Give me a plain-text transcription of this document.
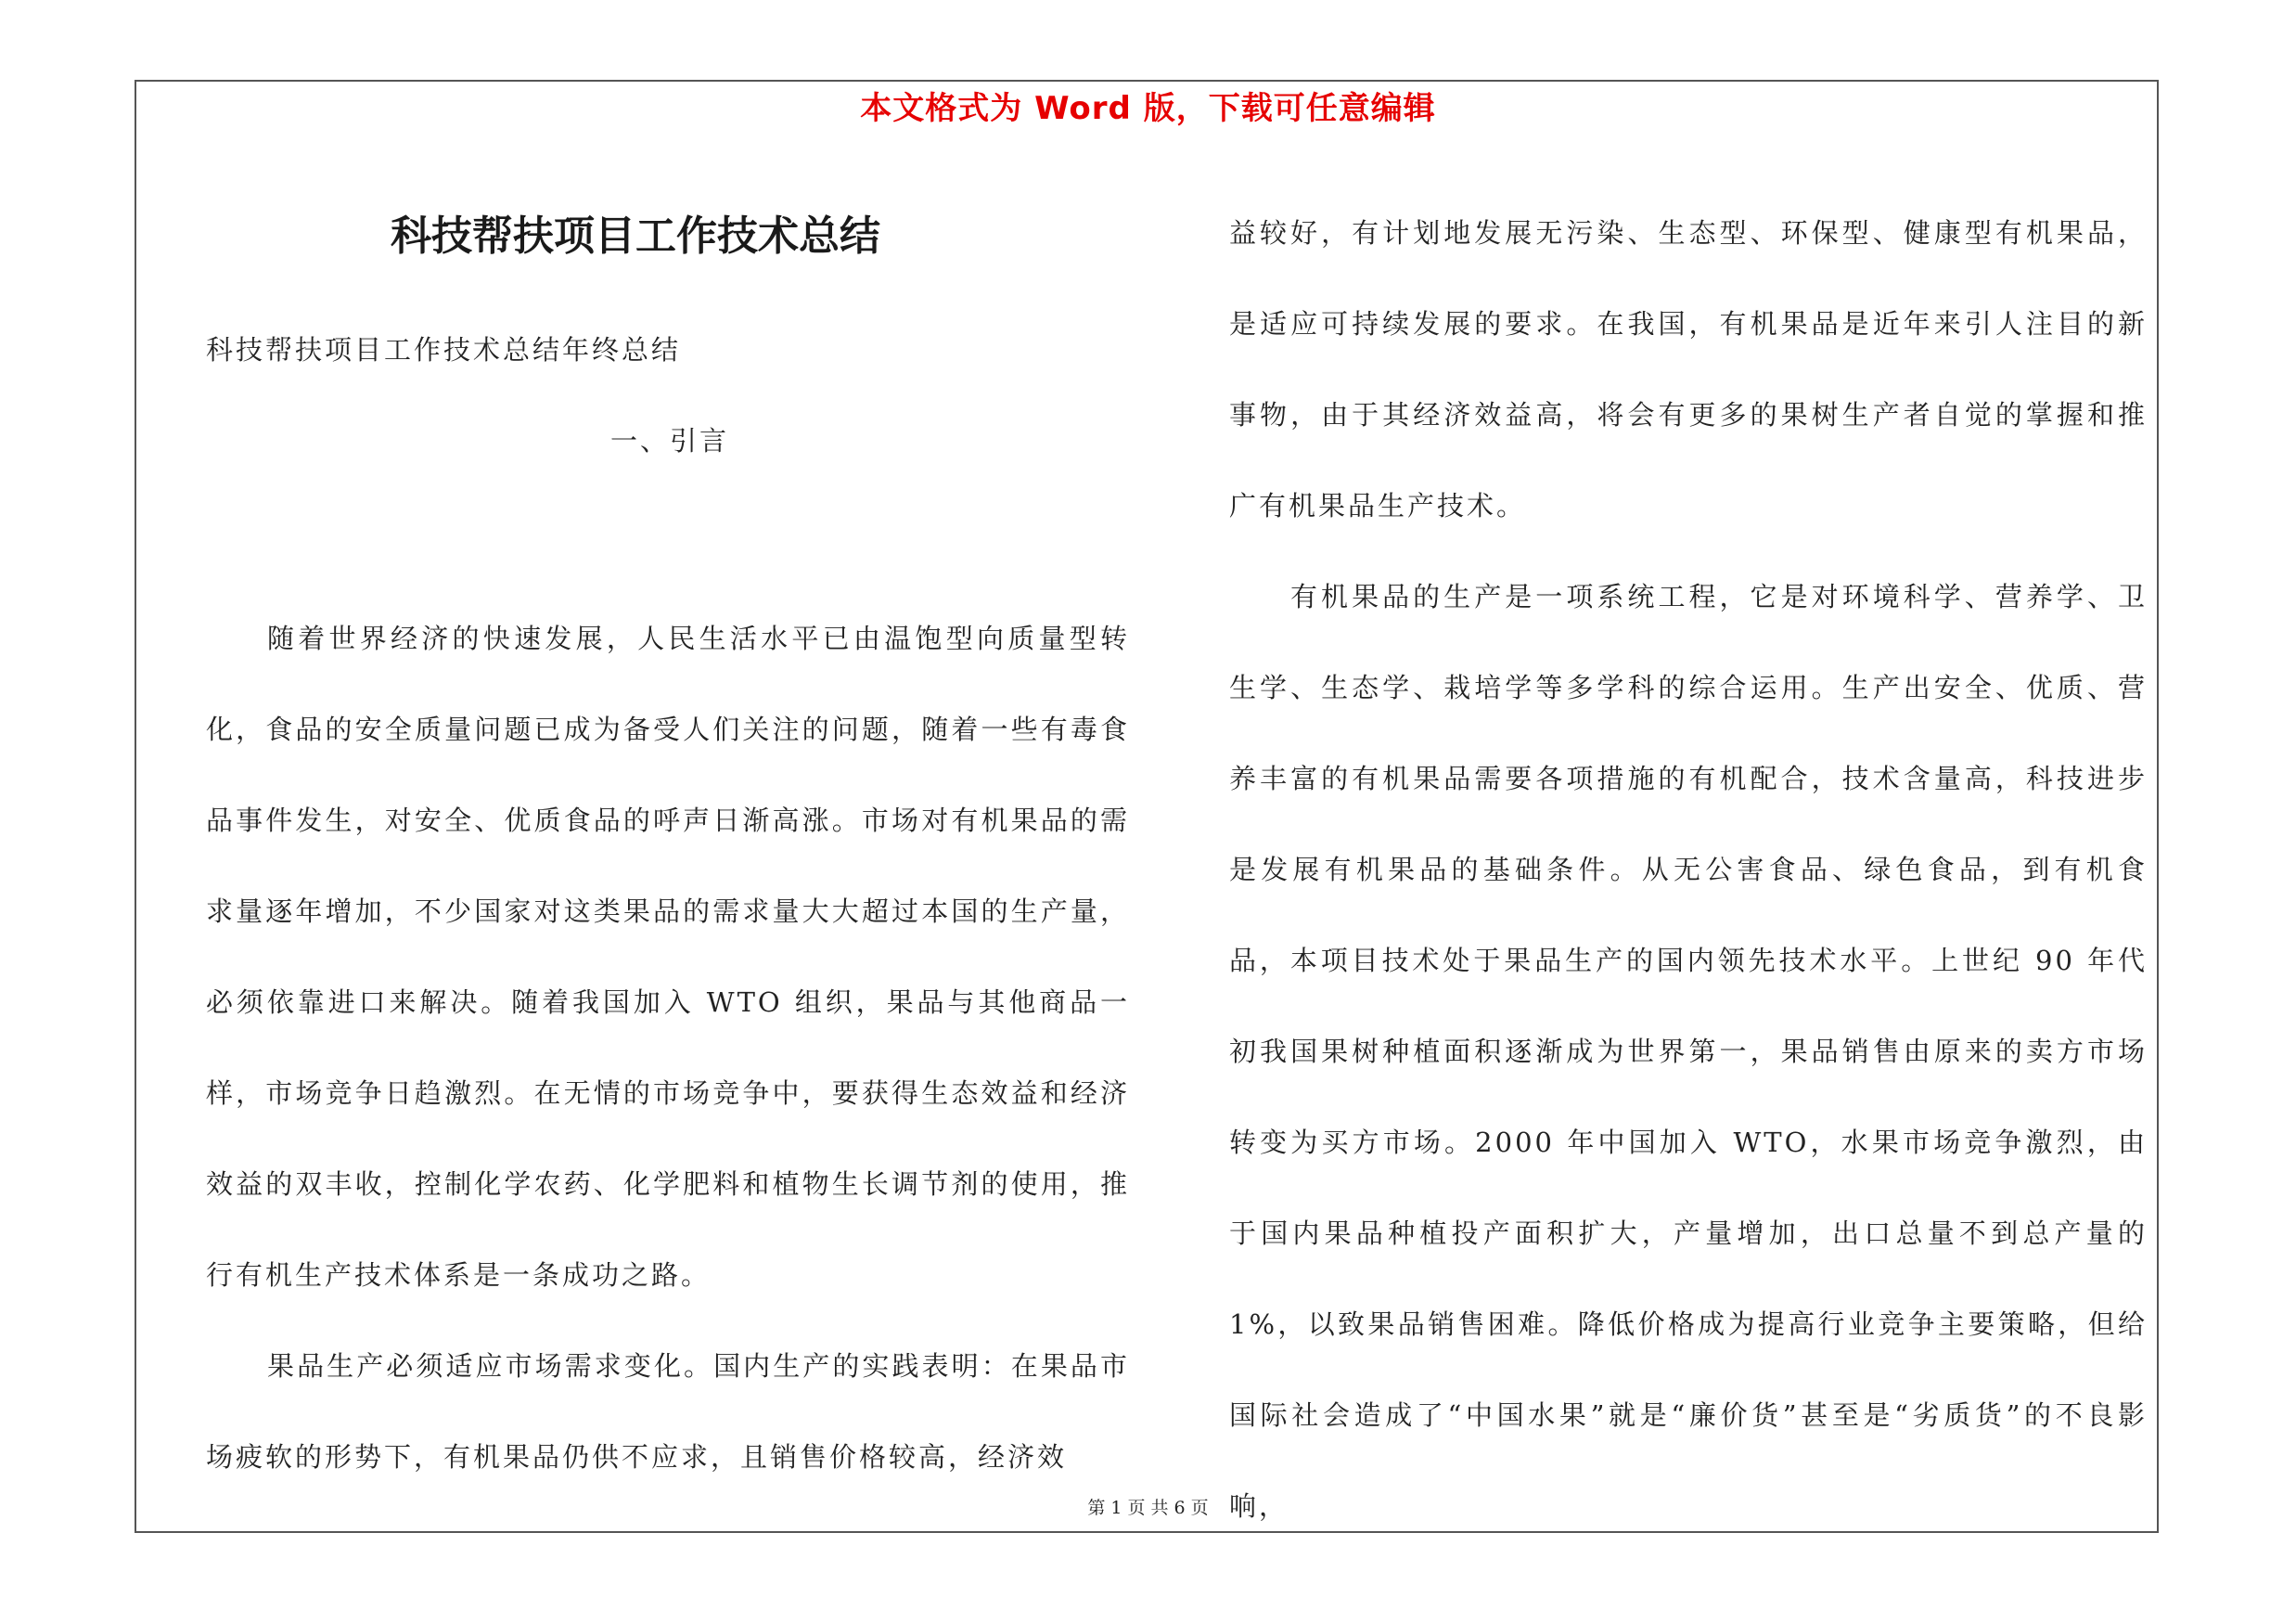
本文格式为 Word 版，下载可任意编辑
科技帮扶项目工作技术总结
科技帮扶项目工作技术总结年终总结
一、引言

随着世界经济的快速发展，人民生活水平已由温饱型向质量型转化，食品的安全质量问题已成为备受人们关注的问题，随着一些有毒食品事件发生，对安全、优质食品的呼声日渐高涨。市场对有机果品的需求量逐年增加，不少国家对这类果品的需求量大大超过本国的生产量，必须依靠进口来解决。随着我国加入 WTO 组织，果品与其他商品一样，市场竞争日趋激烈。在无情的市场竞争中，要获得生态效益和经济效益的双丰收，控制化学农药、化学肥料和植物生长调节剂的使用，推行有机生产技术体系是一条成功之路。

果品生产必须适应市场需求变化。国内生产的实践表明：在果品市场疲软的形势下，有机果品仍供不应求，且销售价格较高，经济效

益较好，有计划地发展无污染、生态型、环保型、健康型有机果品，是适应可持续发展的要求。在我国，有机果品是近年来引人注目的新事物，由于其经济效益高，将会有更多的果树生产者自觉的掌握和推广有机果品生产技术。

有机果品的生产是一项系统工程，它是对环境科学、营养学、卫生学、生态学、栽培学等多学科的综合运用。生产出安全、优质、营养丰富的有机果品需要各项措施的有机配合，技术含量高，科技进步是发展有机果品的基础条件。从无公害食品、绿色食品，到有机食品，本项目技术处于果品生产的国内领先技术水平。上世纪 90 年代初我国果树种植面积逐渐成为世界第一，果品销售由原来的卖方市场转变为买方市场。2000 年中国加入 WTO，水果市场竞争激烈，由于国内果品种植投产面积扩大，产量增加，出口总量不到总产量的 1%，以致果品销售困难。降低价格成为提高行业竞争主要策略，但给国际社会造成了“中国水果”就是“廉价货”甚至是“劣质货”的不良影响，

第 1 页 共 6 页
